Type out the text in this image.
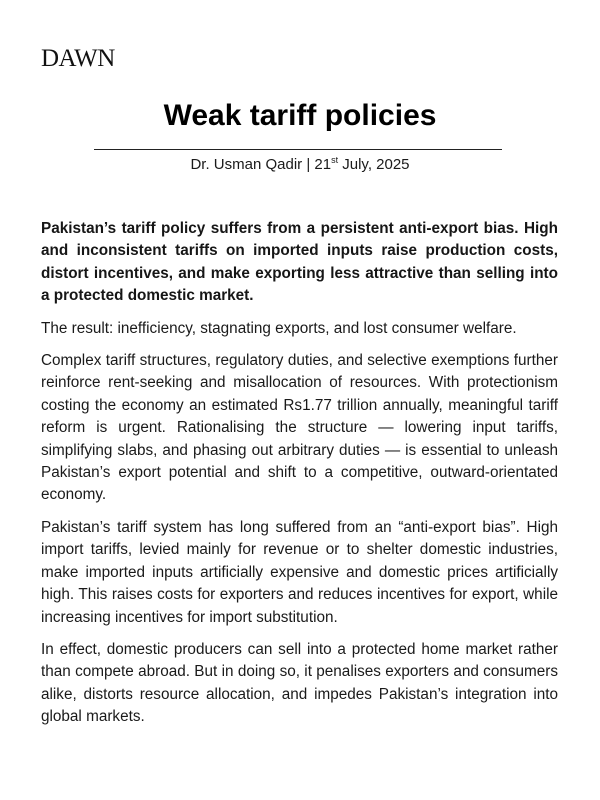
DAWN
Weak tariff policies
Dr. Usman Qadir | 21st July, 2025

Pakistan’s tariff policy suffers from a persistent anti-export bias. High and inconsistent tariffs on imported inputs raise production costs, distort incentives, and make exporting less attractive than selling into a protected domestic market.

The result: inefficiency, stagnating exports, and lost consumer welfare.

Complex tariff structures, regulatory duties, and selective exemptions further reinforce rent-seeking and misallocation of resources. With protectionism costing the economy an estimated Rs1.77 trillion annually, meaningful tariff reform is urgent. Rationalising the structure — lowering input tariffs, simplifying slabs, and phasing out arbitrary duties — is essential to unleash Pakistan’s export potential and shift to a competitive, outward-orientated economy.

Pakistan’s tariff system has long suffered from an “anti-export bias”. High import tariffs, levied mainly for revenue or to shelter domestic industries, make imported inputs artificially expensive and domestic prices artificially high. This raises costs for exporters and reduces incentives for export, while increasing incentives for import substitution.

In effect, domestic producers can sell into a protected home market rather than compete abroad. But in doing so, it penalises exporters and consumers alike, distorts resource allocation, and impedes Pakistan’s integration into global markets.
